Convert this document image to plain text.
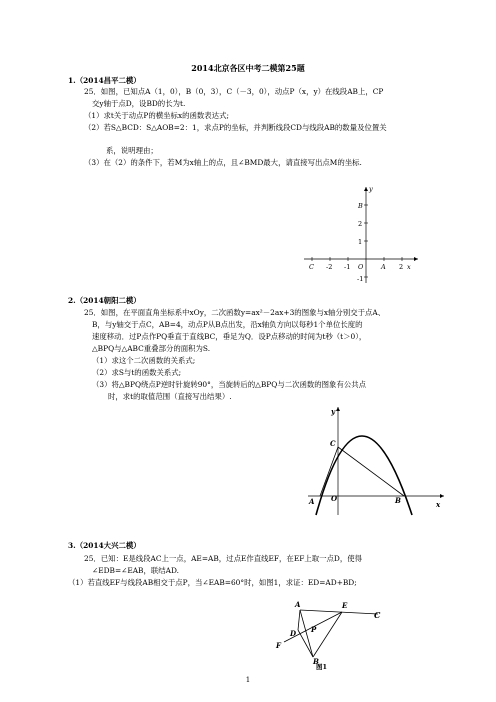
2014北京各区中考二模第25题
1.（2014昌平二模）
25．如图，已知点A（1，0），B（0，3），C（－3，0），动点P（x，y）在线段AB上，CP
交y轴于点D，设BD的长为t.
（1）求t关于动点P的横坐标x的函数表达式;
（2）若S△BCD：S△AOB=2：1，求点P的坐标，并判断线段CD与线段AB的数量及位置关
系，说明理由；
（3）在（2）的条件下，若M为x轴上的点，且∠BMD最大，请直接写出点M的坐标.
y
B
2
1
-1
C -2 -1 O	A 2 x
2.（2014朝阳二模）
25．如图，在平面直角坐标系中xOy，二次函数y=ax²－2ax+3的图象与x轴分别交于点A、
B，与y轴交于点C，AB=4，动点P从B点出发，沿x轴负方向以每秒1个单位长度的
速度移动．过P点作PQ垂直于直线BC，垂足为Q．设P点移动的时间为t秒（t＞0），
△BPQ与△ABC重叠部分的面积为S.
（1）求这个二次函数的关系式;
（2）求S与t的函数关系式;
（3）将△BPQ绕点P逆时针旋转90°，当旋转后的△BPQ与二次函数的图象有公共点
时，求t的取值范围（直接写出结果）.
y
C
A O	B	x
3.（2014大兴二模）
25．已知：E是线段AC上一点，AE=AB，过点E作直线EF，在EF上取一点D，使得
∠EDB=∠EAB，联结AD.
（1）若直线EF与线段AB相交于点P，当∠EAB=60°时，如图1，求证：ED=AD+BD;
A	E
C
D P
F
B
图1
1
